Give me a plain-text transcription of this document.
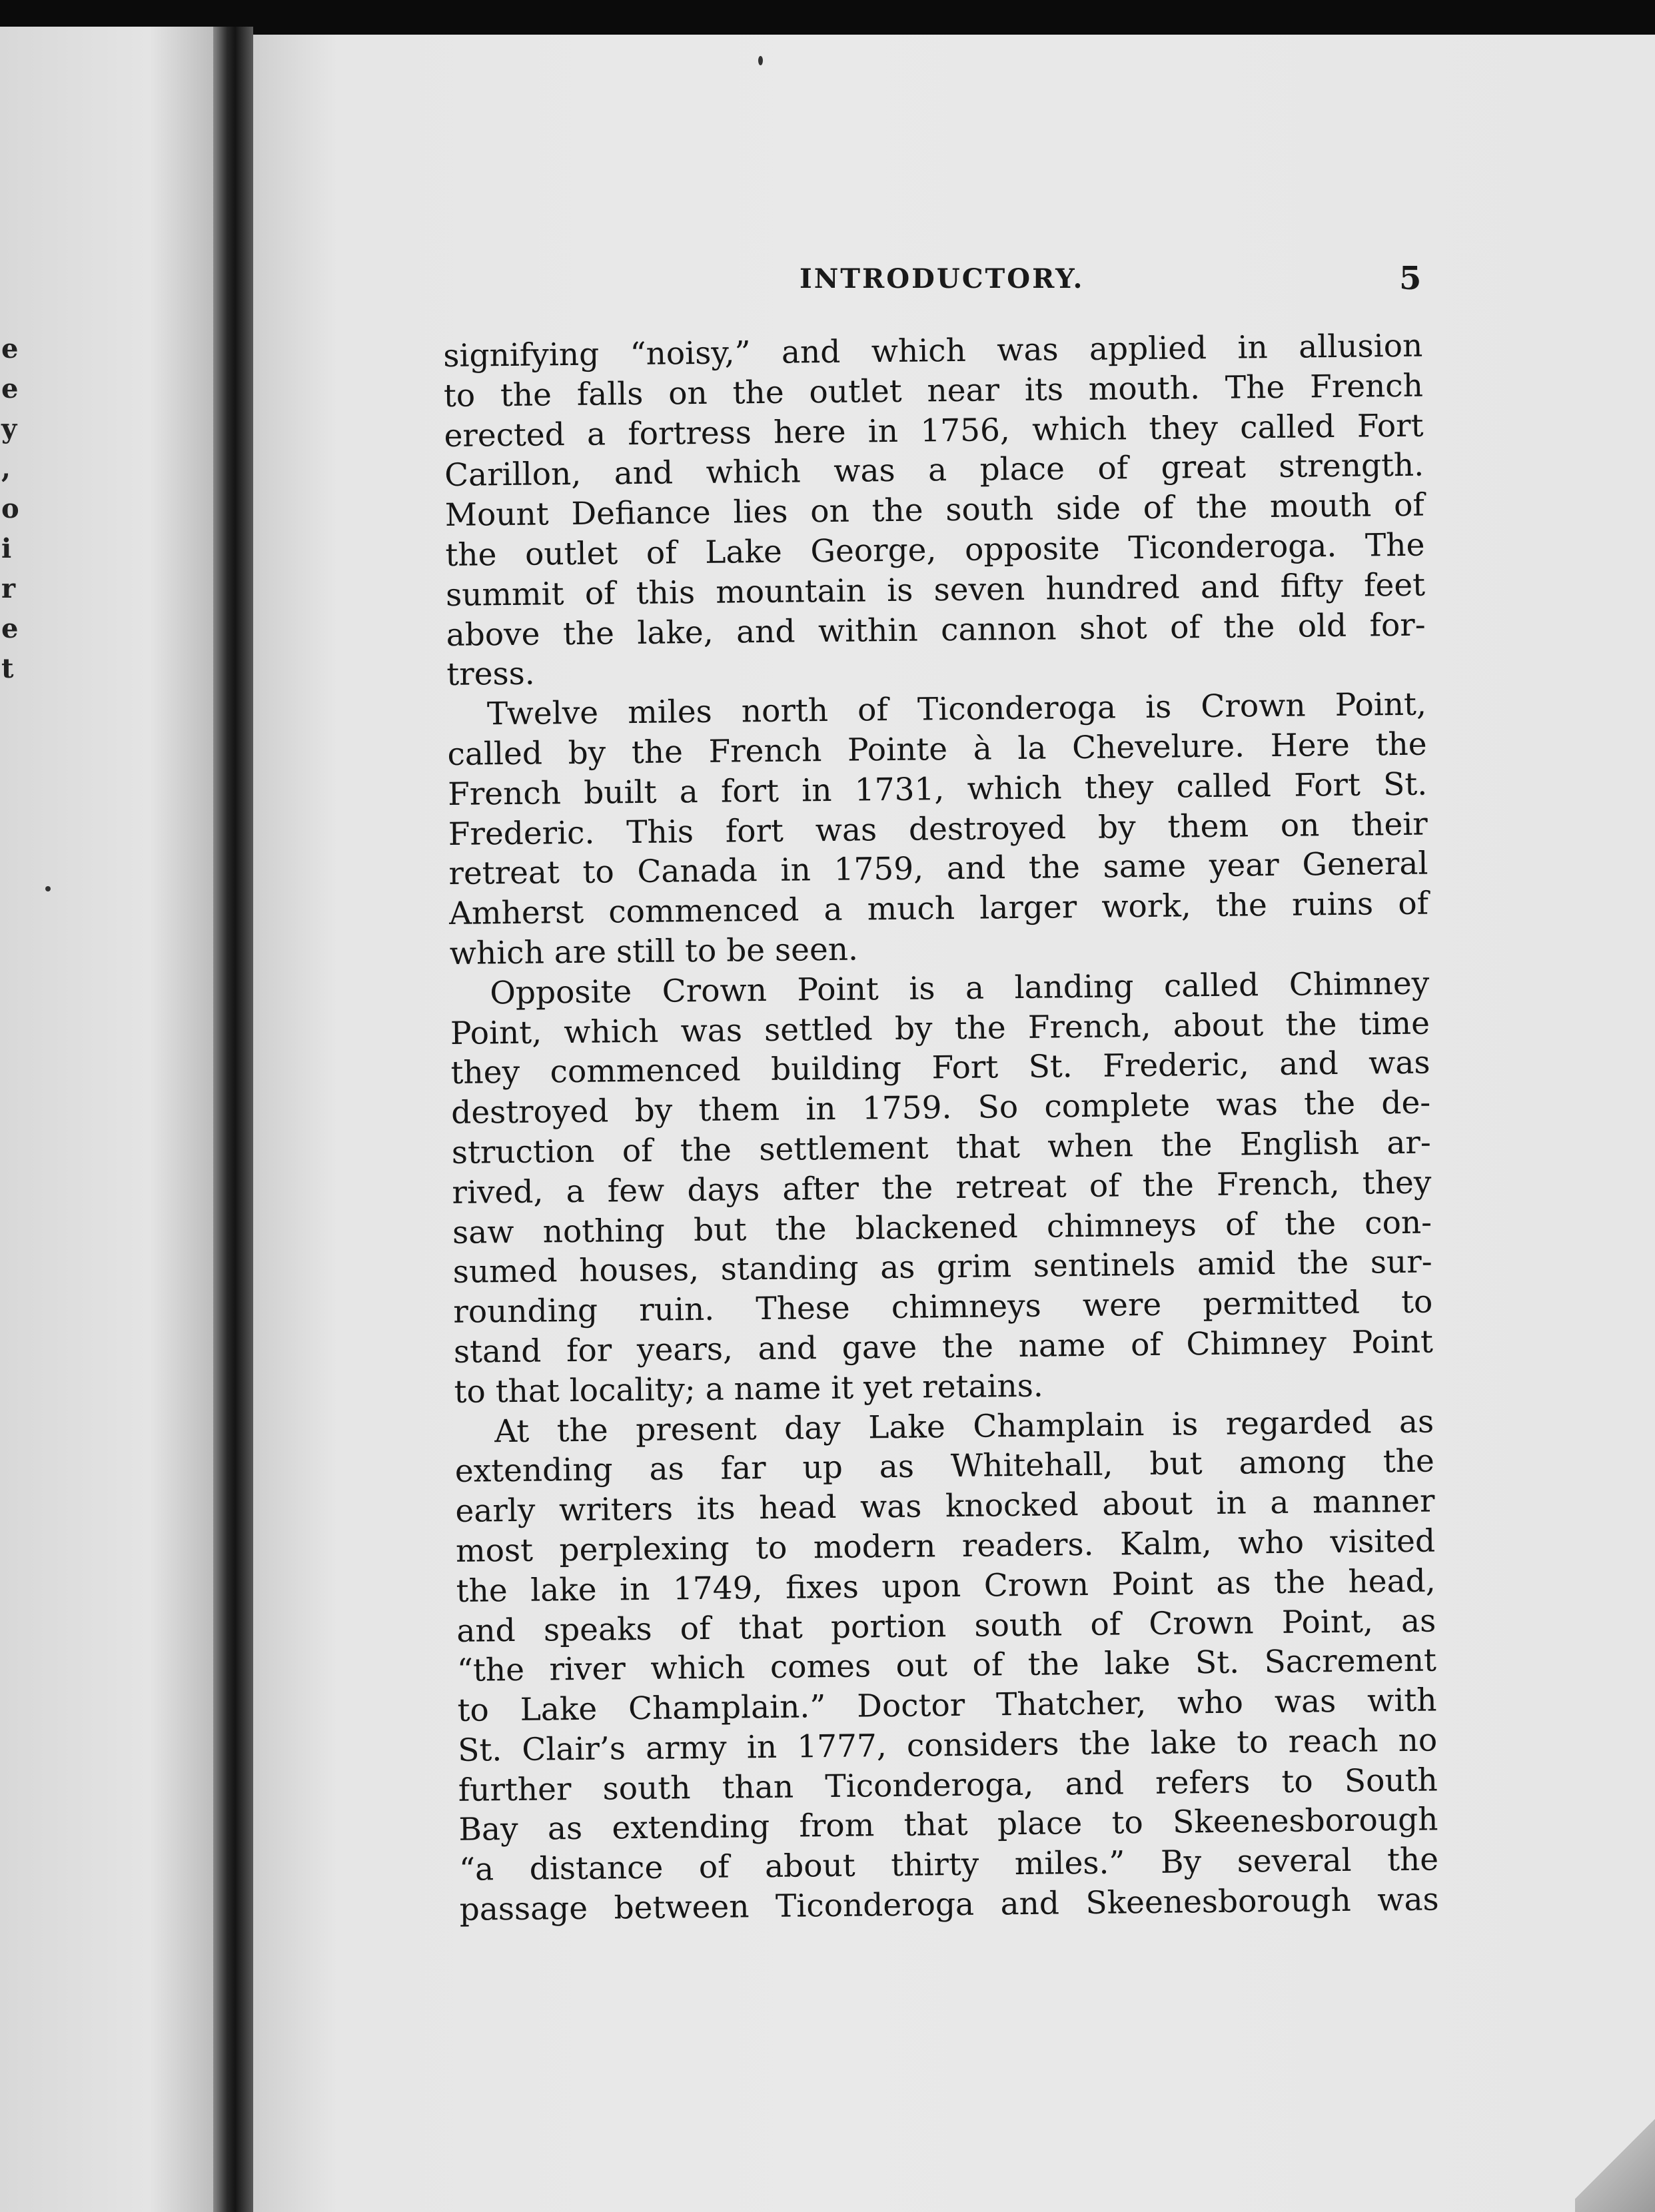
e
e
y
,
o
i
r
e
t
INTRODUCTORY.	5
signifying “noisy,” and which was applied in allusion
to the falls on the outlet near its mouth. The French
erected a fortress here in 1756, which they called Fort
Carillon, and which was a place of great strength.
Mount Defiance lies on the south side of the mouth of
the outlet of Lake George, opposite Ticonderoga. The
summit of this mountain is seven hundred and fifty feet
above the lake, and within cannon shot of the old for-
tress.
Twelve miles north of Ticonderoga is Crown Point,
called by the French Pointe à la Chevelure. Here the
French built a fort in 1731, which they called Fort St.
Frederic. This fort was destroyed by them on their
retreat to Canada in 1759, and the same year General
Amherst commenced a much larger work, the ruins of
which are still to be seen.
Opposite Crown Point is a landing called Chimney
Point, which was settled by the French, about the time
they commenced building Fort St. Frederic, and was
destroyed by them in 1759. So complete was the de-
struction of the settlement that when the English ar-
rived, a few days after the retreat of the French, they
saw nothing but the blackened chimneys of the con-
sumed houses, standing as grim sentinels amid the sur-
rounding ruin. These chimneys were permitted to
stand for years, and gave the name of Chimney Point
to that locality; a name it yet retains.
At the present day Lake Champlain is regarded as
extending as far up as Whitehall, but among the
early writers its head was knocked about in a manner
most perplexing to modern readers. Kalm, who visited
the lake in 1749, fixes upon Crown Point as the head,
and speaks of that portion south of Crown Point, as
“the river which comes out of the lake St. Sacrement
to Lake Champlain.” Doctor Thatcher, who was with
St. Clair’s army in 1777, considers the lake to reach no
further south than Ticonderoga, and refers to South
Bay as extending from that place to Skeenesborough
“a distance of about thirty miles.” By several the
passage between Ticonderoga and Skeenesborough was
